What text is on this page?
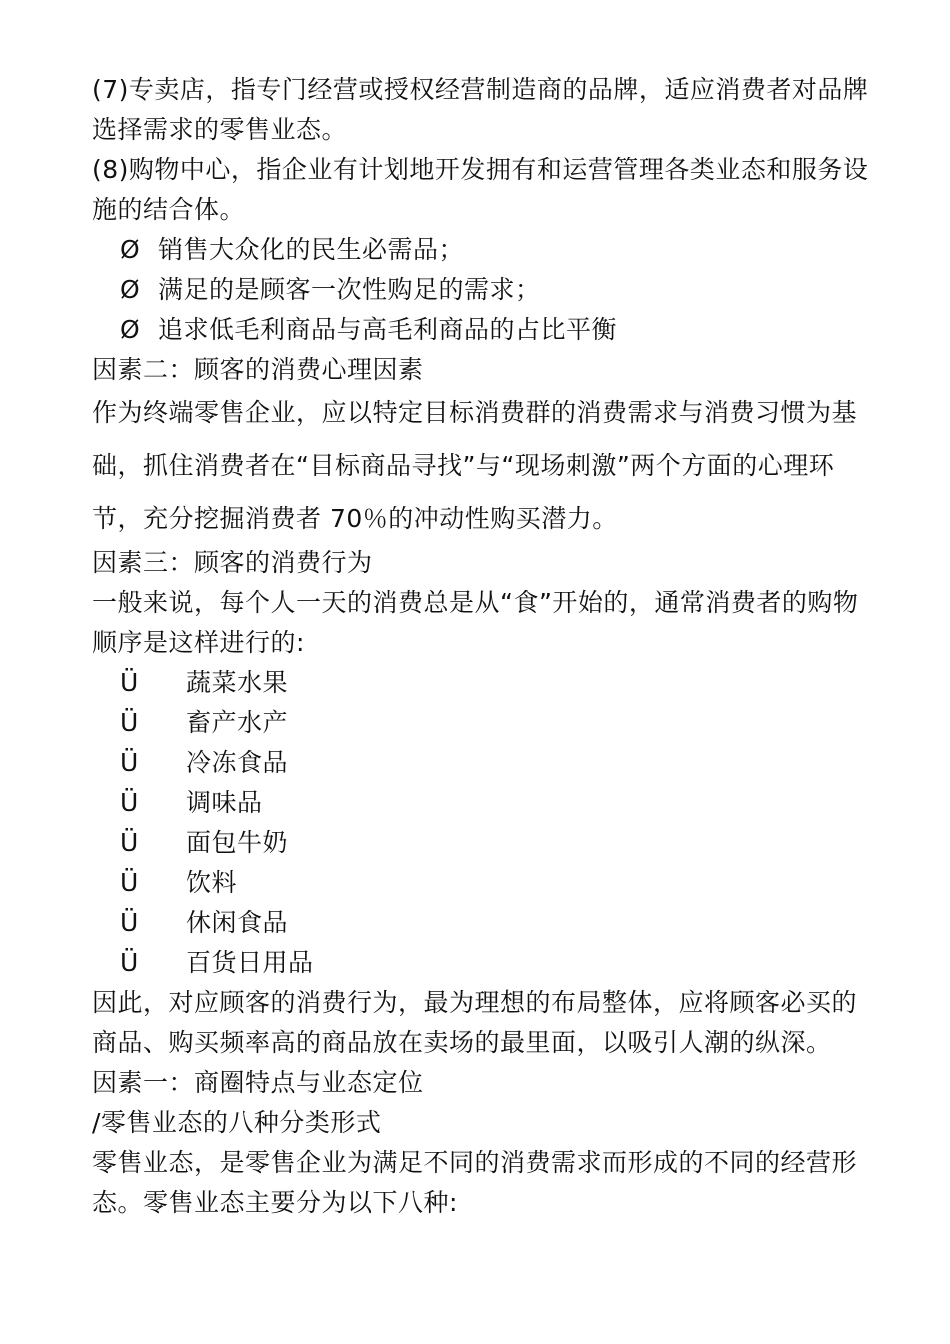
(7)专卖店，指专门经营或授权经营制造商的品牌，适应消费者对品牌选择需求的零售业态。

(8)购物中心，指企业有计划地开发拥有和运营管理各类业态和服务设施的结合体。

Ø 销售大众化的民生必需品；
Ø 满足的是顾客一次性购足的需求；
Ø 追求低毛利商品与高毛利商品的占比平衡

因素二：顾客的消费心理因素

作为终端零售企业，应以特定目标消费群的消费需求与消费习惯为基础，抓住消费者在“目标商品寻找”与“现场刺激”两个方面的心理环节，充分挖掘消费者 70％的冲动性购买潜力。

因素三：顾客的消费行为

一般来说，每个人一天的消费总是从“食”开始的，通常消费者的购物顺序是这样进行的:

Ü	蔬菜水果
Ü	畜产水产
Ü	冷冻食品
Ü	调味品
Ü	面包牛奶
Ü	饮料
Ü	休闲食品
Ü	百货日用品

因此，对应顾客的消费行为，最为理想的布局整体，应将顾客必买的商品、购买频率高的商品放在卖场的最里面，以吸引人潮的纵深。

因素一：商圈特点与业态定位

/零售业态的八种分类形式

零售业态，是零售企业为满足不同的消费需求而形成的不同的经营形态。零售业态主要分为以下八种:
